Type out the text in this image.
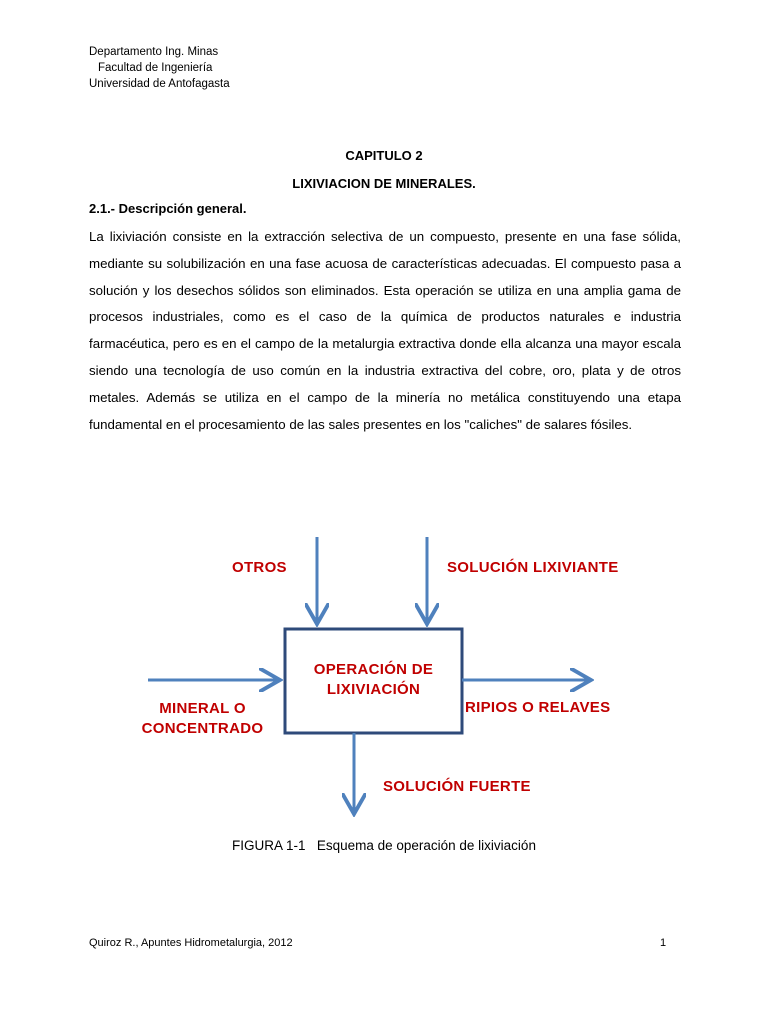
Departamento Ing. Minas
Facultad de Ingeniería
Universidad de Antofagasta
CAPITULO 2
LIXIVIACION DE MINERALES.
2.1.- Descripción general.

La lixiviación consiste en la extracción selectiva de un compuesto, presente en una fase sólida, mediante su solubilización en una fase acuosa de características adecuadas. El compuesto pasa a solución y los desechos sólidos son eliminados. Esta operación se utiliza en una amplia gama de procesos industriales, como es el caso de la química de productos naturales e industria farmacéutica, pero es en el campo de la metalurgia extractiva donde ella alcanza una mayor escala siendo una tecnología de uso común en la industria extractiva del cobre, oro, plata y de otros metales. Además se utiliza en el campo de la minería no metálica constituyendo una etapa fundamental en el procesamiento de las sales presentes en los "caliches" de salares fósiles.

OTROS	SOLUCIÓN LIXIVIANTE
OPERACIÓN DE
LIXIVIACIÓN
MINERAL O
CONCENTRADO
RIPIOS O RELAVES
SOLUCIÓN FUERTE
FIGURA 1-1   Esquema de operación de lixiviación
Quiroz R., Apuntes Hidrometalurgia, 2012	1
